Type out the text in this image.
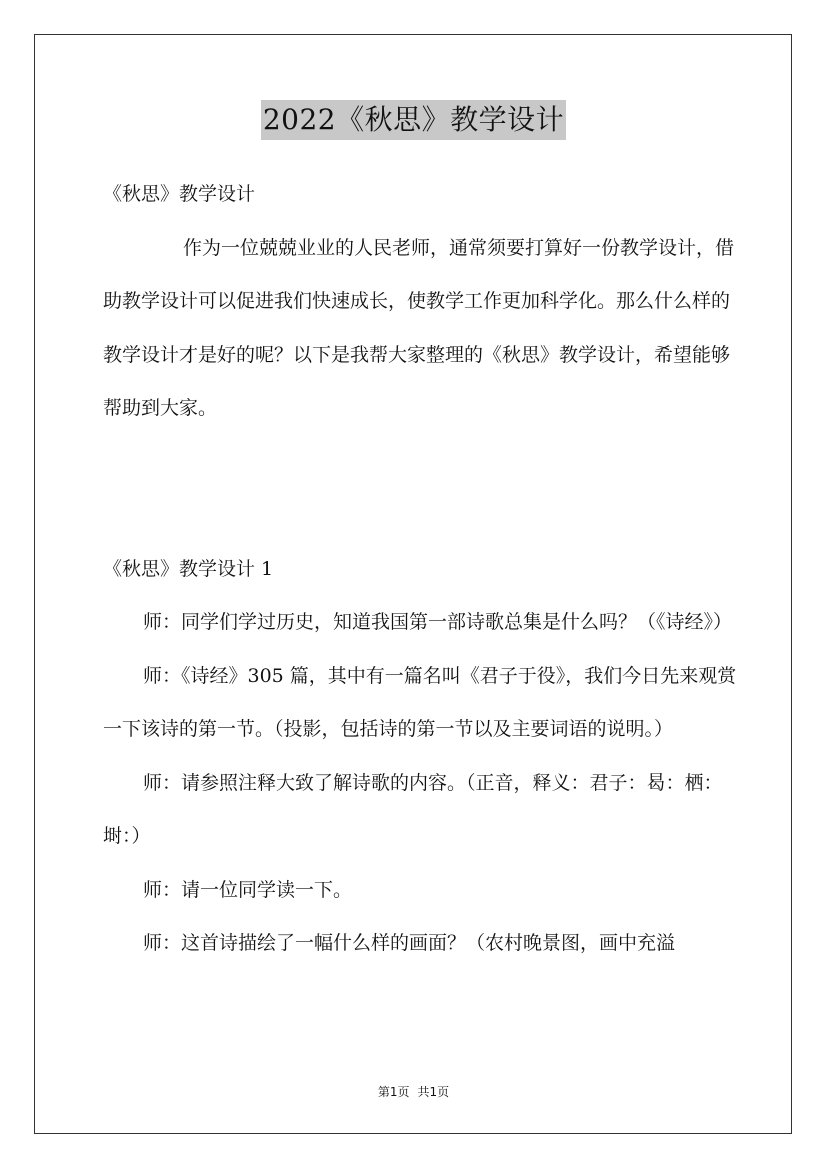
2022《秋思》教学设计

《秋思》教学设计

作为一位兢兢业业的人民老师，通常须要打算好一份教学设计，借助教学设计可以促进我们快速成长，使教学工作更加科学化。那么什么样的教学设计才是好的呢？以下是我帮大家整理的《秋思》教学设计，希望能够帮助到大家。

《秋思》教学设计 1

师：同学们学过历史，知道我国第一部诗歌总集是什么吗？（《诗经》）

师：《诗经》305 篇，其中有一篇名叫《君子于役》，我们今日先来观赏一下该诗的第一节。（投影，包括诗的第一节以及主要词语的说明。）

师：请参照注释大致了解诗歌的内容。（正音，释义：君子：曷：栖：埘：）

师：请一位同学读一下。

师：这首诗描绘了一幅什么样的画面？（农村晚景图，画中充溢

第1页 共1页
